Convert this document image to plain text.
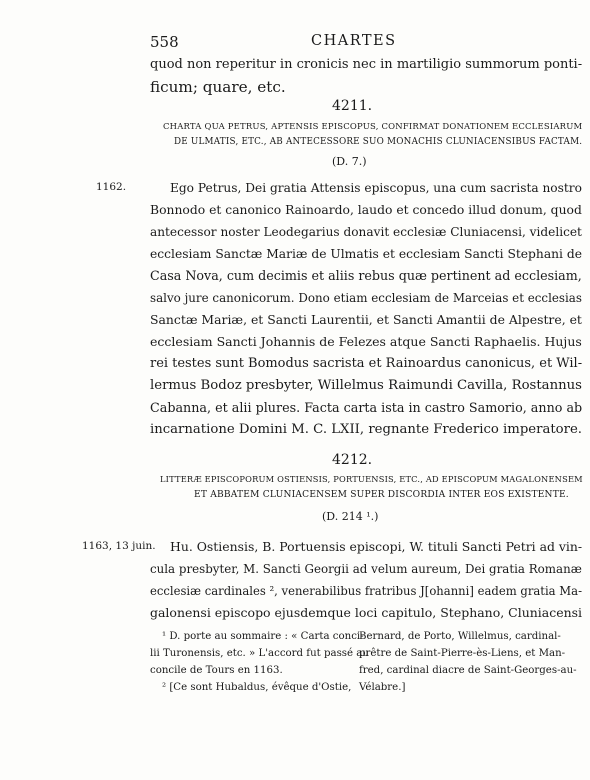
558	CHARTES
quod non reperitur in cronicis nec in martiligio summorum ponti-
ficum; quare, etc.
4211.
CHARTA QUA PETRUS, APTENSIS EPISCOPUS, CONFIRMAT DONATIONEM ECCLESIARUM
DE ULMATIS, ETC., AB ANTECESSORE SUO MONACHIS CLUNIACENSIBUS FACTAM.
(D. 7.)
1162.	Ego Petrus, Dei gratia Attensis episcopus, una cum sacrista nostro
Bonnodo et canonico Rainoardo, laudo et concedo illud donum, quod
antecessor noster Leodegarius donavit ecclesiæ Cluniacensi, videlicet
ecclesiam Sanctæ Mariæ de Ulmatis et ecclesiam Sancti Stephani de
Casa Nova, cum decimis et aliis rebus quæ pertinent ad ecclesiam,
salvo jure canonicorum. Dono etiam ecclesiam de Marceias et ecclesias
Sanctæ Mariæ, et Sancti Laurentii, et Sancti Amantii de Alpestre, et
ecclesiam Sancti Johannis de Felezes atque Sancti Raphaelis. Hujus
rei testes sunt Bomodus sacrista et Rainoardus canonicus, et Wil-
lermus Bodoz presbyter, Willelmus Raimundi Cavilla, Rostannus
Cabanna, et alii plures. Facta carta ista in castro Samorio, anno ab
incarnatione Domini M. C. LXII, regnante Frederico imperatore.
4212.
LITTERÆ EPISCOPORUM OSTIENSIS, PORTUENSIS, ETC., AD EPISCOPUM MAGALONENSEM
ET ABBATEM CLUNIACENSEM SUPER DISCORDIA INTER EOS EXISTENTE.
(D. 214 ¹.)
1163, 13 juin. Hu. Ostiensis, B. Portuensis episcopi, W. tituli Sancti Petri ad vin-
cula presbyter, M. Sancti Georgii ad velum aureum, Dei gratia Romanæ
ecclesiæ cardinales ², venerabilibus fratribus J[ohanni] eadem gratia Ma-
galonensi episcopo ejusdemque loci capitulo, Stephano, Cluniacensi
¹ D. porte au sommaire : « Carta conci-
lii Turonensis, etc. » L'accord fut passé au
concile de Tours en 1163.
² [Ce sont Hubaldus, évêque d'Ostie,
Bernard, de Porto, Willelmus, cardinal-
prêtre de Saint-Pierre-ès-Liens, et Man-
fred, cardinal diacre de Saint-Georges-au-
Vélabre.]
